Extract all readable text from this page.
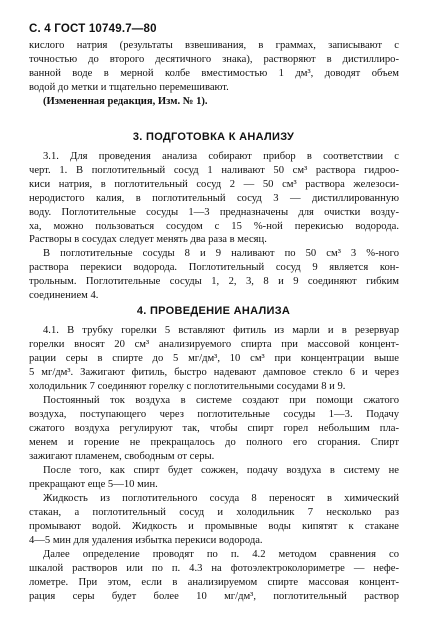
С. 4 ГОСТ 10749.7—80
кислого натрия (результаты взвешивания, в граммах, записывают с
точностью до второго десятичного знака), растворяют в дистиллиро-
ванной воде в мерной колбе вместимостью 1 дм³, доводят объем
водой до метки и тщательно перемешивают.
(Измененная редакция, Изм. № 1).
3. ПОДГОТОВКА К АНАЛИЗУ
3.1. Для проведения анализа собирают прибор в соответствии с
черт. 1. В поглотительный сосуд 1 наливают 50 см³ раствора гидроо-
киси натрия, в поглотительный сосуд 2 — 50 см³ раствора железоси-
неродистого калия, в поглотительный сосуд 3 — дистиллированную
воду. Поглотительные сосуды 1—3 предназначены для очистки возду-
ха, можно пользоваться сосудом с 15 %-ной перекисью водорода.
Растворы в сосудах следует менять два раза в месяц.
В поглотительные сосуды 8 и 9 наливают по 50 см³ 3 %-ного
раствора перекиси водорода. Поглотительный сосуд 9 является кон-
трольным. Поглотительные сосуды 1, 2, 3, 8 и 9 соединяют гибким
соединением 4.
4. ПРОВЕДЕНИЕ АНАЛИЗА
4.1. В трубку горелки 5 вставляют фитиль из марли и в резервуар
горелки вносят 20 см³ анализируемого спирта при массовой концент-
рации серы в спирте до 5 мг/дм³, 10 см³ при концентрации выше
5 мг/дм³. Зажигают фитиль, быстро надевают дамповое стекло 6 и через
холодильник 7 соединяют горелку с поглотительными сосудами 8 и 9.
Постоянный ток воздуха в системе создают при помощи сжатого
воздуха, поступающего через поглотительные сосуды 1—3. Подачу
сжатого воздуха регулируют так, чтобы спирт горел небольшим пла-
менем и горение не прекращалось до полного его сгорания. Спирт
зажигают пламенем, свободным от серы.
После того, как спирт будет сожжен, подачу воздуха в систему не
прекращают еще 5—10 мин.
Жидкость из поглотительного сосуда 8 переносят в химический
стакан, а поглотительный сосуд и холодильник 7 несколько раз
промывают водой. Жидкость и промывные воды кипятят к стакане
4—5 мин для удаления избытка перекиси водорода.
Далее определение проводят по п. 4.2 методом сравнения со
шкалой растворов или по п. 4.3 на фотоэлектроколориметре — нефе-
лометре. При этом, если в анализируемом спирте массовая концент-
рация серы будет более 10 мг/дм³, поглотительный раствор
